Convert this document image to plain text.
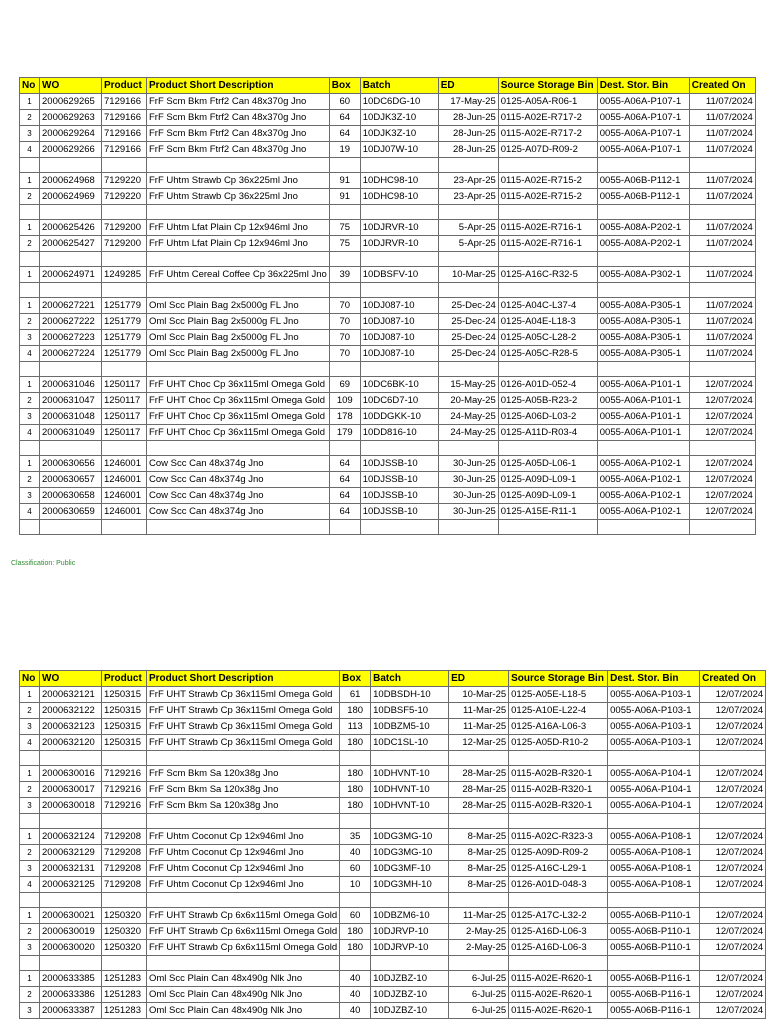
No	WO	Product	Product Short Description	Box	Batch	ED	Source Storage Bin	Dest. Stor. Bin	Created On
1	2000629265	7129166	FrF Scm Bkm Ftrf2 Can 48x370g Jno	60	10DC6DG-10	17-May-25	0125-A05A-R06-1	0055-A06A-P107-1	11/07/2024
2	2000629263	7129166	FrF Scm Bkm Ftrf2 Can 48x370g Jno	64	10DJK3Z-10	28-Jun-25	0115-A02E-R717-2	0055-A06A-P107-1	11/07/2024
3	2000629264	7129166	FrF Scm Bkm Ftrf2 Can 48x370g Jno	64	10DJK3Z-10	28-Jun-25	0115-A02E-R717-2	0055-A06A-P107-1	11/07/2024
4	2000629266	7129166	FrF Scm Bkm Ftrf2 Can 48x370g Jno	19	10DJ07W-10	28-Jun-25	0125-A07D-R09-2	0055-A06A-P107-1	11/07/2024

1	2000624968	7129220	FrF Uhtm Strawb Cp 36x225ml Jno	91	10DHC98-10	23-Apr-25	0115-A02E-R715-2	0055-A06B-P112-1	11/07/2024
2	2000624969	7129220	FrF Uhtm Strawb Cp 36x225ml Jno	91	10DHC98-10	23-Apr-25	0115-A02E-R715-2	0055-A06B-P112-1	11/07/2024

1	2000625426	7129200	FrF Uhtm Lfat Plain Cp 12x946ml Jno	75	10DJRVR-10	5-Apr-25	0115-A02E-R716-1	0055-A08A-P202-1	11/07/2024
2	2000625427	7129200	FrF Uhtm Lfat Plain Cp 12x946ml Jno	75	10DJRVR-10	5-Apr-25	0115-A02E-R716-1	0055-A08A-P202-1	11/07/2024

1	2000624971	1249285	FrF Uhtm Cereal Coffee Cp 36x225ml Jno	39	10DBSFV-10	10-Mar-25	0125-A16C-R32-5	0055-A08A-P302-1	11/07/2024

1	2000627221	1251779	Oml Scc Plain Bag 2x5000g FL Jno	70	10DJ087-10	25-Dec-24	0125-A04C-L37-4	0055-A08A-P305-1	11/07/2024
2	2000627222	1251779	Oml Scc Plain Bag 2x5000g FL Jno	70	10DJ087-10	25-Dec-24	0125-A04E-L18-3	0055-A08A-P305-1	11/07/2024
3	2000627223	1251779	Oml Scc Plain Bag 2x5000g FL Jno	70	10DJ087-10	25-Dec-24	0125-A05C-L28-2	0055-A08A-P305-1	11/07/2024
4	2000627224	1251779	Oml Scc Plain Bag 2x5000g FL Jno	70	10DJ087-10	25-Dec-24	0125-A05C-R28-5	0055-A08A-P305-1	11/07/2024

1	2000631046	1250117	FrF UHT Choc Cp 36x115ml Omega Gold	69	10DC6BK-10	15-May-25	0126-A01D-052-4	0055-A06A-P101-1	12/07/2024
2	2000631047	1250117	FrF UHT Choc Cp 36x115ml Omega Gold	109	10DC6D7-10	20-May-25	0125-A05B-R23-2	0055-A06A-P101-1	12/07/2024
3	2000631048	1250117	FrF UHT Choc Cp 36x115ml Omega Gold	178	10DDGKK-10	24-May-25	0125-A06D-L03-2	0055-A06A-P101-1	12/07/2024
4	2000631049	1250117	FrF UHT Choc Cp 36x115ml Omega Gold	179	10DD816-10	24-May-25	0125-A11D-R03-4	0055-A06A-P101-1	12/07/2024

1	2000630656	1246001	Cow Scc Can 48x374g Jno	64	10DJSSB-10	30-Jun-25	0125-A05D-L06-1	0055-A06A-P102-1	12/07/2024
2	2000630657	1246001	Cow Scc Can 48x374g Jno	64	10DJSSB-10	30-Jun-25	0125-A09D-L09-1	0055-A06A-P102-1	12/07/2024
3	2000630658	1246001	Cow Scc Can 48x374g Jno	64	10DJSSB-10	30-Jun-25	0125-A09D-L09-1	0055-A06A-P102-1	12/07/2024
4	2000630659	1246001	Cow Scc Can 48x374g Jno	64	10DJSSB-10	30-Jun-25	0125-A15E-R11-1	0055-A06A-P102-1	12/07/2024

Classification: Public
No	WO	Product	Product Short Description	Box	Batch	ED	Source Storage Bin	Dest. Stor. Bin	Created On
1	2000632121	1250315	FrF UHT Strawb Cp 36x115ml Omega Gold	61	10DBSDH-10	10-Mar-25	0125-A05E-L18-5	0055-A06A-P103-1	12/07/2024
2	2000632122	1250315	FrF UHT Strawb Cp 36x115ml Omega Gold	180	10DBSF5-10	11-Mar-25	0125-A10E-L22-4	0055-A06A-P103-1	12/07/2024
3	2000632123	1250315	FrF UHT Strawb Cp 36x115ml Omega Gold	113	10DBZM5-10	11-Mar-25	0125-A16A-L06-3	0055-A06A-P103-1	12/07/2024
4	2000632120	1250315	FrF UHT Strawb Cp 36x115ml Omega Gold	180	10DC1SL-10	12-Mar-25	0125-A05D-R10-2	0055-A06A-P103-1	12/07/2024

1	2000630016	7129216	FrF Scm Bkm Sa 120x38g Jno	180	10DHVNT-10	28-Mar-25	0115-A02B-R320-1	0055-A06A-P104-1	12/07/2024
2	2000630017	7129216	FrF Scm Bkm Sa 120x38g Jno	180	10DHVNT-10	28-Mar-25	0115-A02B-R320-1	0055-A06A-P104-1	12/07/2024
3	2000630018	7129216	FrF Scm Bkm Sa 120x38g Jno	180	10DHVNT-10	28-Mar-25	0115-A02B-R320-1	0055-A06A-P104-1	12/07/2024

1	2000632124	7129208	FrF Uhtm Coconut Cp 12x946ml Jno	35	10DG3MG-10	8-Mar-25	0115-A02C-R323-3	0055-A06A-P108-1	12/07/2024
2	2000632129	7129208	FrF Uhtm Coconut Cp 12x946ml Jno	40	10DG3MG-10	8-Mar-25	0125-A09D-R09-2	0055-A06A-P108-1	12/07/2024
3	2000632131	7129208	FrF Uhtm Coconut Cp 12x946ml Jno	60	10DG3MF-10	8-Mar-25	0125-A16C-L29-1	0055-A06A-P108-1	12/07/2024
4	2000632125	7129208	FrF Uhtm Coconut Cp 12x946ml Jno	10	10DG3MH-10	8-Mar-25	0126-A01D-048-3	0055-A06A-P108-1	12/07/2024

1	2000630021	1250320	FrF UHT Strawb Cp 6x6x115ml Omega Gold	60	10DBZM6-10	11-Mar-25	0125-A17C-L32-2	0055-A06B-P110-1	12/07/2024
2	2000630019	1250320	FrF UHT Strawb Cp 6x6x115ml Omega Gold	180	10DJRVP-10	2-May-25	0125-A16D-L06-3	0055-A06B-P110-1	12/07/2024
3	2000630020	1250320	FrF UHT Strawb Cp 6x6x115ml Omega Gold	180	10DJRVP-10	2-May-25	0125-A16D-L06-3	0055-A06B-P110-1	12/07/2024

1	2000633385	1251283	Oml Scc Plain Can 48x490g Nlk Jno	40	10DJZBZ-10	6-Jul-25	0115-A02E-R620-1	0055-A06B-P116-1	12/07/2024
2	2000633386	1251283	Oml Scc Plain Can 48x490g Nlk Jno	40	10DJZBZ-10	6-Jul-25	0115-A02E-R620-1	0055-A06B-P116-1	12/07/2024
3	2000633387	1251283	Oml Scc Plain Can 48x490g Nlk Jno	40	10DJZBZ-10	6-Jul-25	0115-A02E-R620-1	0055-A06B-P116-1	12/07/2024
